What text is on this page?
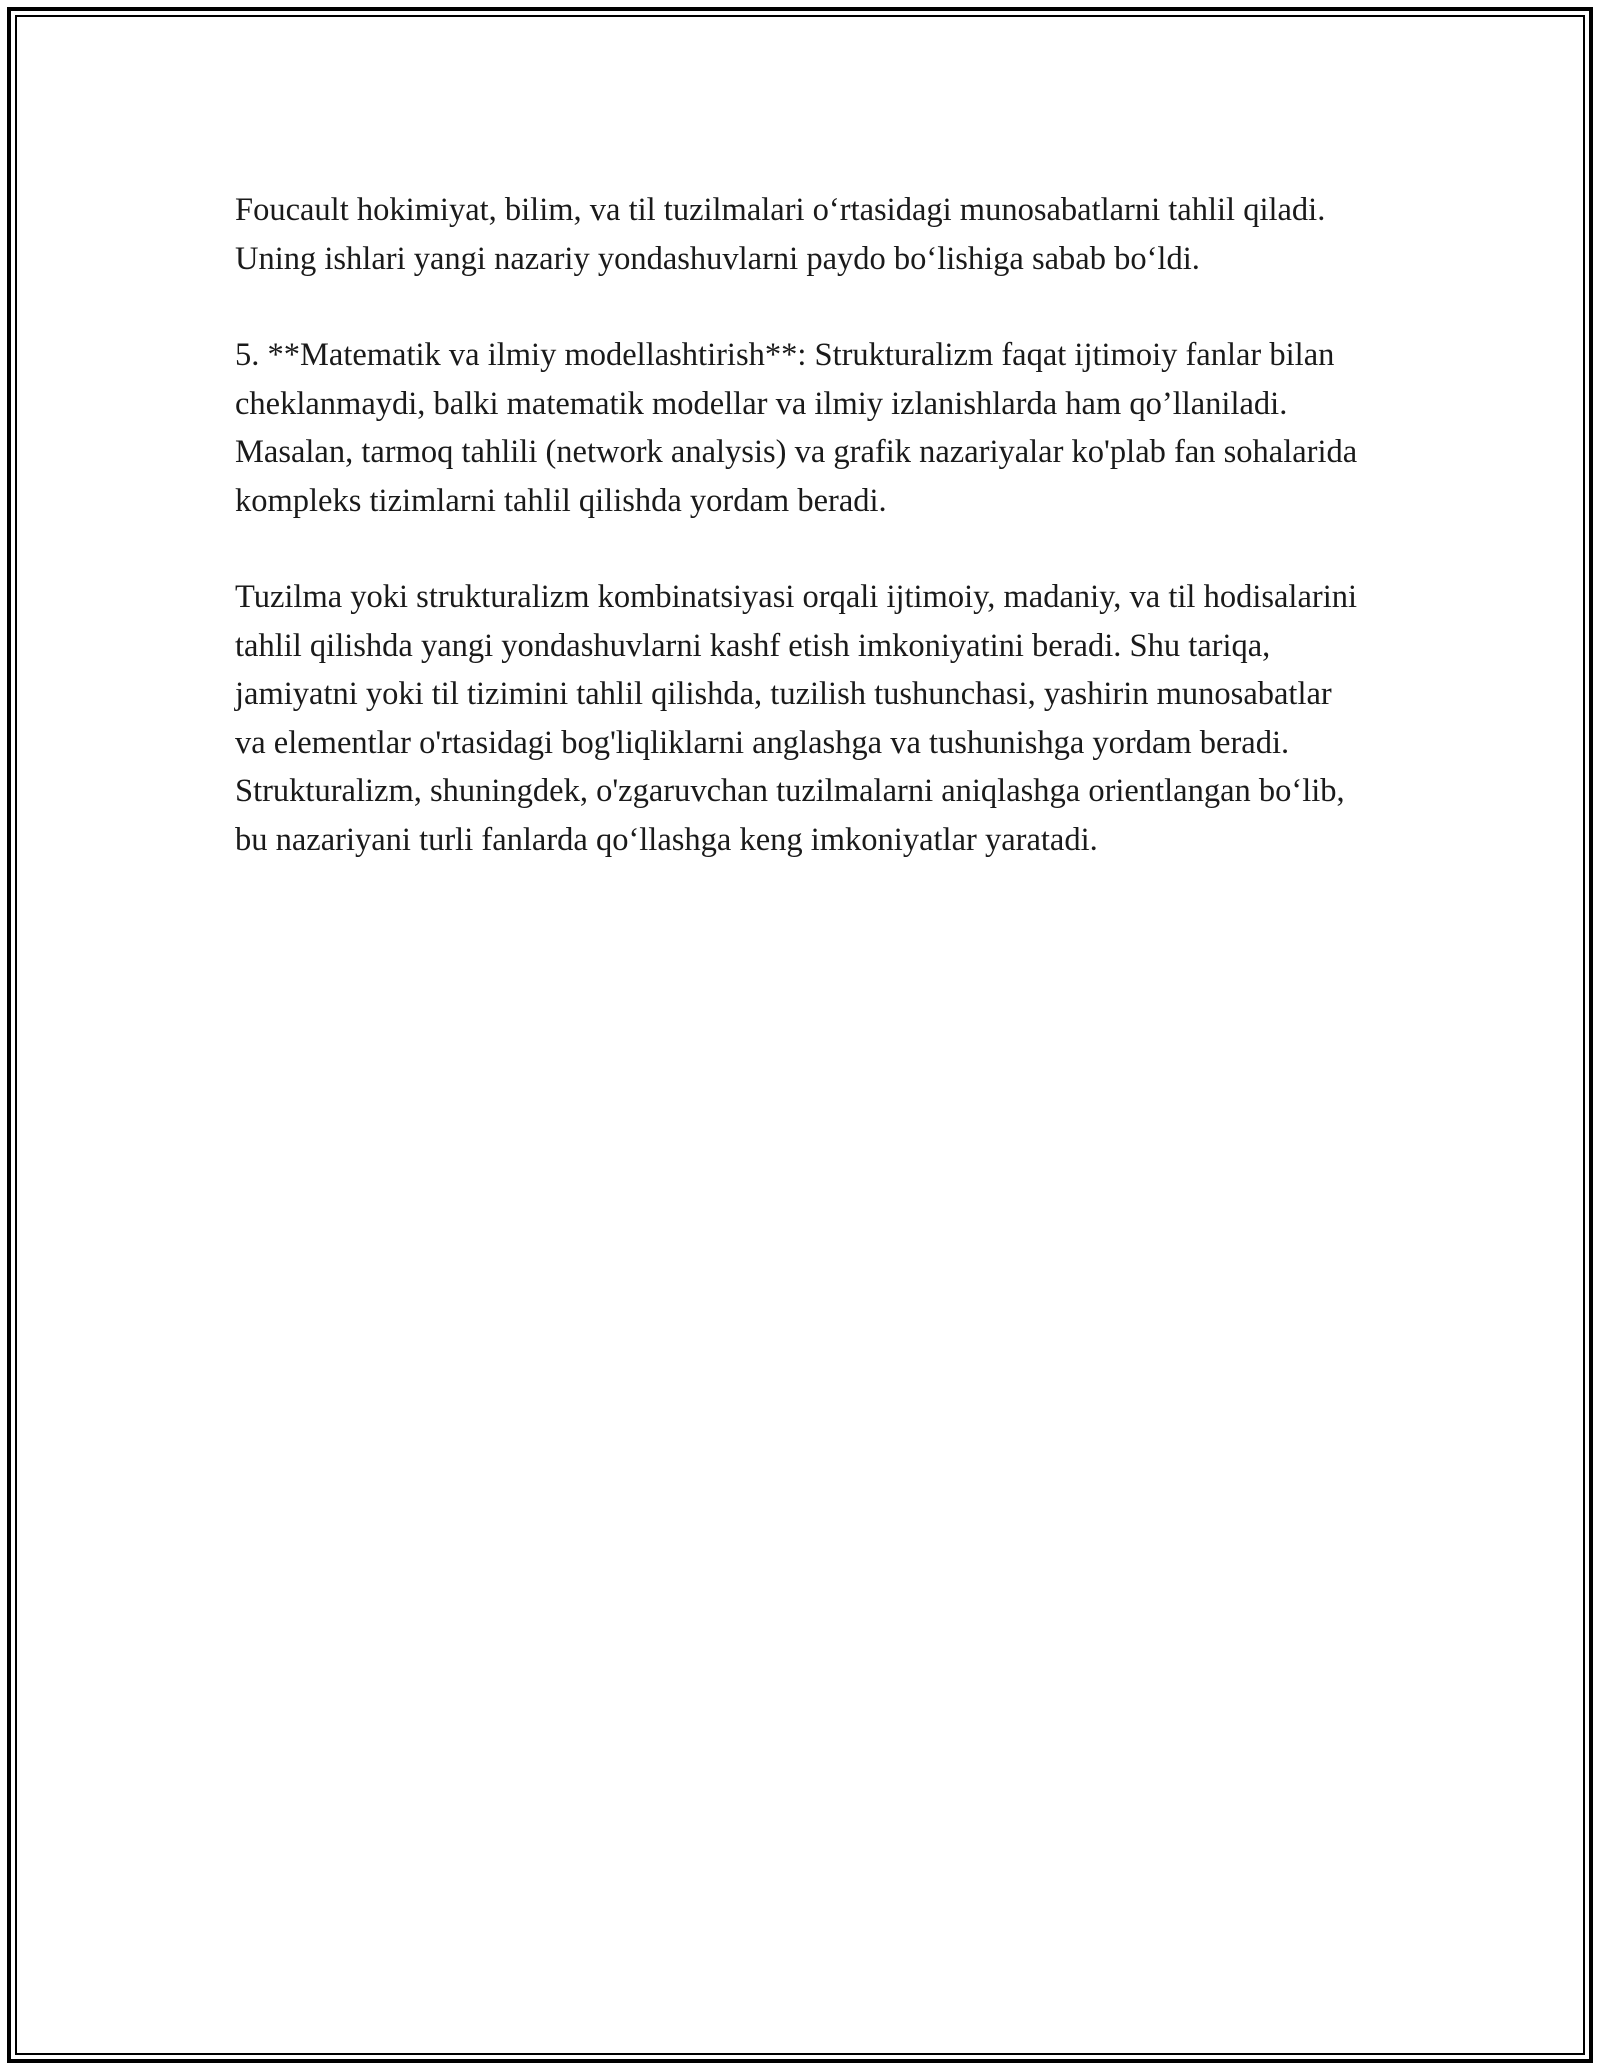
Foucault hokimiyat, bilim, va til tuzilmalari o‘rtasidagi munosabatlarni tahlil qiladi. Uning ishlari yangi nazariy yondashuvlarni paydo bo‘lishiga sabab bo‘ldi.

5. **Matematik va ilmiy modellashtirish**: Strukturalizm faqat ijtimoiy fanlar bilan cheklanmaydi, balki matematik modellar va ilmiy izlanishlarda ham qo’llaniladi. Masalan, tarmoq tahlili (network analysis) va grafik nazariyalar ko'plab fan sohalarida kompleks tizimlarni tahlil qilishda yordam beradi.

Tuzilma yoki strukturalizm kombinatsiyasi orqali ijtimoiy, madaniy, va til hodisalarini tahlil qilishda yangi yondashuvlarni kashf etish imkoniyatini beradi. Shu tariqa, jamiyatni yoki til tizimini tahlil qilishda, tuzilish tushunchasi, yashirin munosabatlar va elementlar o'rtasidagi bog'liqliklarni anglashga va tushunishga yordam beradi. Strukturalizm, shuningdek, o'zgaruvchan tuzilmalarni aniqlashga orientlangan bo‘lib, bu nazariyani turli fanlarda qo‘llashga keng imkoniyatlar yaratadi.
